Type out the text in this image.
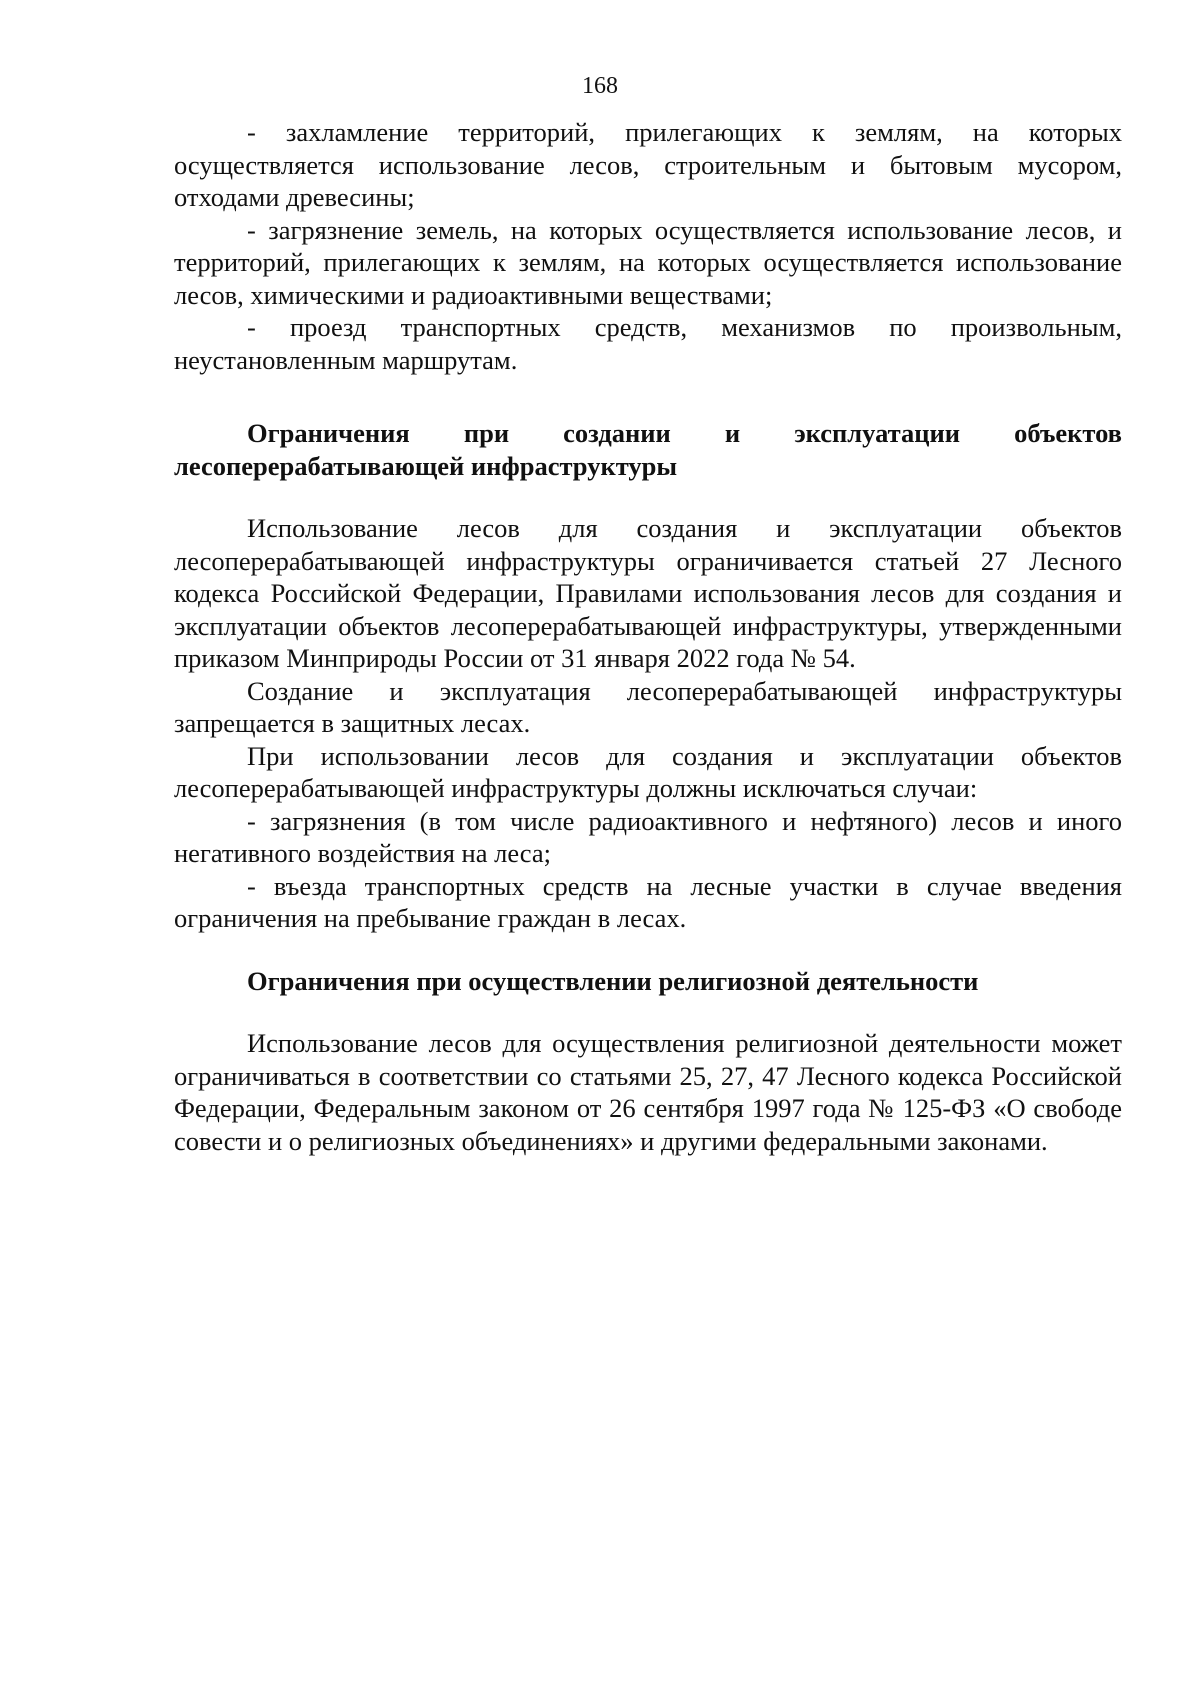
168

- захламление территорий, прилегающих к землям, на которых осуществляется использование лесов, строительным и бытовым мусором, отходами древесины;

- загрязнение земель, на которых осуществляется использование лесов, и территорий, прилегающих к землям, на которых осуществляется использование лесов, химическими и радиоактивными веществами;

- проезд транспортных средств, механизмов по произвольным, неустановленным маршрутам.

Ограничения при создании и эксплуатации объектов лесоперерабатывающей инфраструктуры

Использование лесов для создания и эксплуатации объектов лесоперерабатывающей инфраструктуры ограничивается статьей 27 Лесного кодекса Российской Федерации, Правилами использования лесов для создания и эксплуатации объектов лесоперерабатывающей инфраструктуры, утвержденными приказом Минприроды России от 31 января 2022 года № 54.

Создание и эксплуатация лесоперерабатывающей инфраструктуры запрещается в защитных лесах.

При использовании лесов для создания и эксплуатации объектов лесоперерабатывающей инфраструктуры должны исключаться случаи:

- загрязнения (в том числе радиоактивного и нефтяного) лесов и иного негативного воздействия на леса;

- въезда транспортных средств на лесные участки в случае введения ограничения на пребывание граждан в лесах.

Ограничения при осуществлении религиозной деятельности

Использование лесов для осуществления религиозной деятельности может ограничиваться в соответствии со статьями 25, 27, 47 Лесного кодекса Российской Федерации, Федеральным законом от 26 сентября 1997 года № 125-ФЗ «О свободе совести и о религиозных объединениях» и другими федеральными законами.
